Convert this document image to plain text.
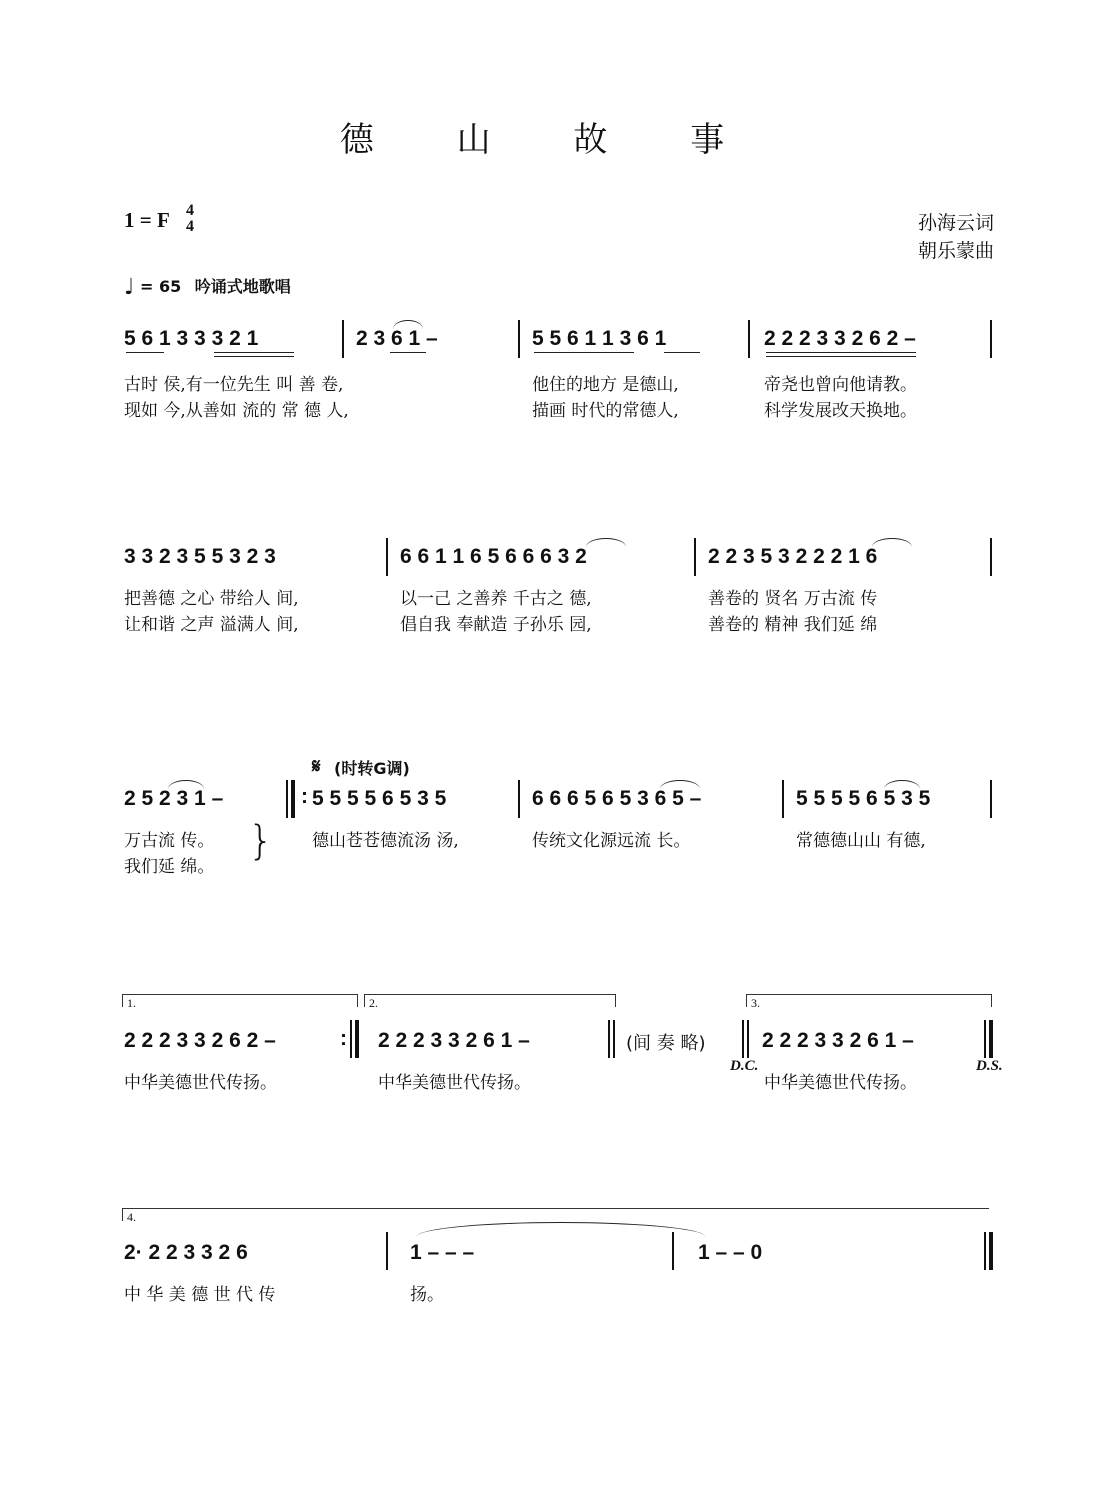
德 山 故 事
孙海云词
朝乐蒙曲
1 = F 4
4
♩ = 65 吟诵式地歌唱
5 6 1 3 3 3 2 1	2 3 6 1 –	5 5 6 1 1 3 6 1	2 2 2 3 3 2 6 2 –
古时 侯,有一位先生 叫 善 卷,	他住的地方 是德山,	帝尧也曾向他请教。
现如 今,从善如 流的 常 德 人,	描画 时代的常德人,	科学发展改天换地。
3 3 2 3 5 5 3 2 3	6 6 1 1 6 5 6 6 6 3 2	2 2 3 5 3 2 2 2 1 6
把善德 之心 带给人 间,	以一己 之善养 千古之 德,	善卷的 贤名 万古流 传
让和谐 之声 溢满人 间,	倡自我 奉献造 子孙乐 园,	善卷的 精神 我们延 绵
𝄋 (时转G调)
2 5 2 3 1 –	: 5 5 5 5 6 5 3 5	6 6 6 5 6 5 3 6 5 –	5 5 5 5 6 5 3 5
万古流 传。
我们延 绵。
} 德山苍苍德流汤 汤,	传统文化源远流 长。	常德德山山 有德,
1.	2.	3.
2 2 2 3 3 2 6 2 –	: 2 2 2 3 3 2 6 1 –	(间 奏 略)	2 2 2 3 3 2 6 1 –
D.C.	D.S.
中华美德世代传扬。	中华美德世代传扬。	中华美德世代传扬。
4.
2· 2 2 3 3 2 6	1 – – –	1 – – 0
中 华 美 德 世 代 传	扬。
